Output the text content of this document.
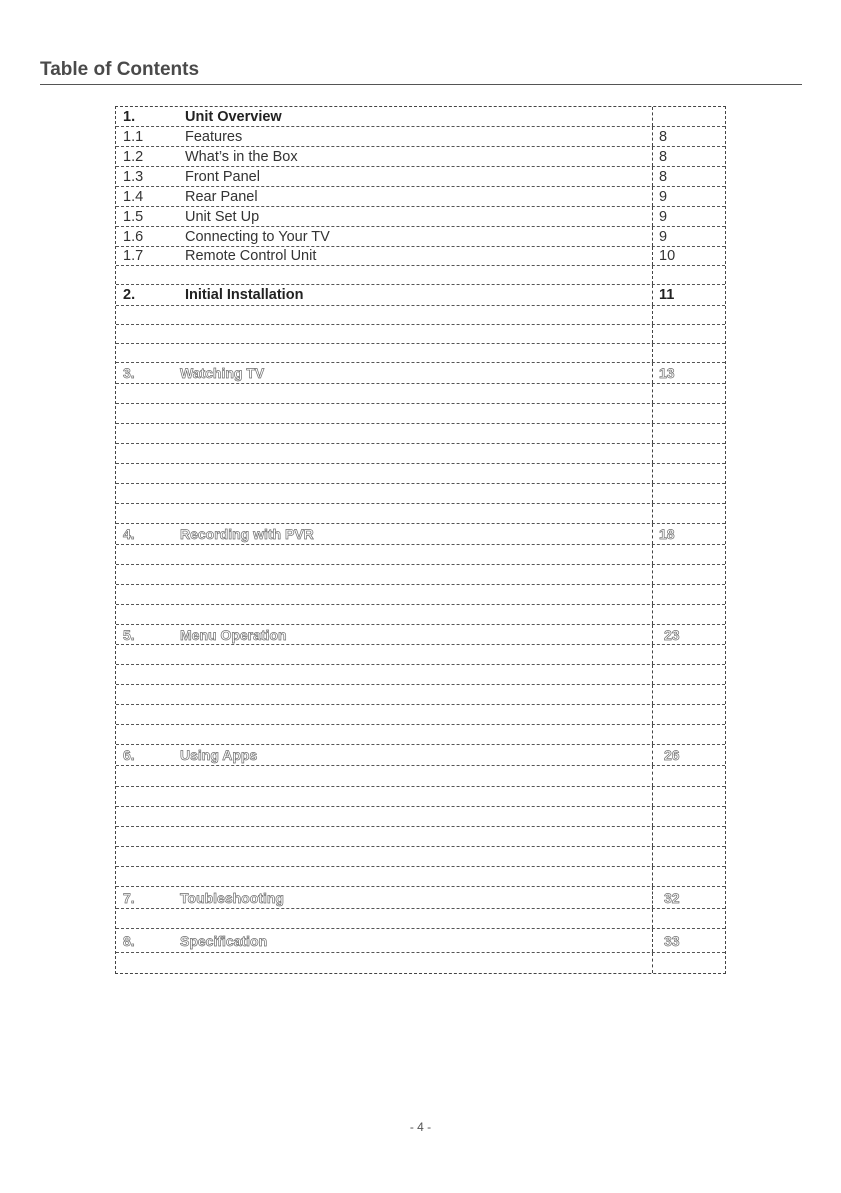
Table of Contents
1.	Unit Overview
1.1	Features	8
1.2	What’s in the Box	8
1.3	Front Panel	8
1.4	Rear Panel	9
1.5	Unit Set Up	9
1.6	Connecting to Your TV	9
1.7	Remote Control Unit	10
2.	Initial Installation	11
3.	Watching TV	13
4.	Recording with PVR	18
5.	Menu Operation	23
6.	Using Apps	26
7.	Toubleshooting	32
8.	Specification	33
- 4 -
